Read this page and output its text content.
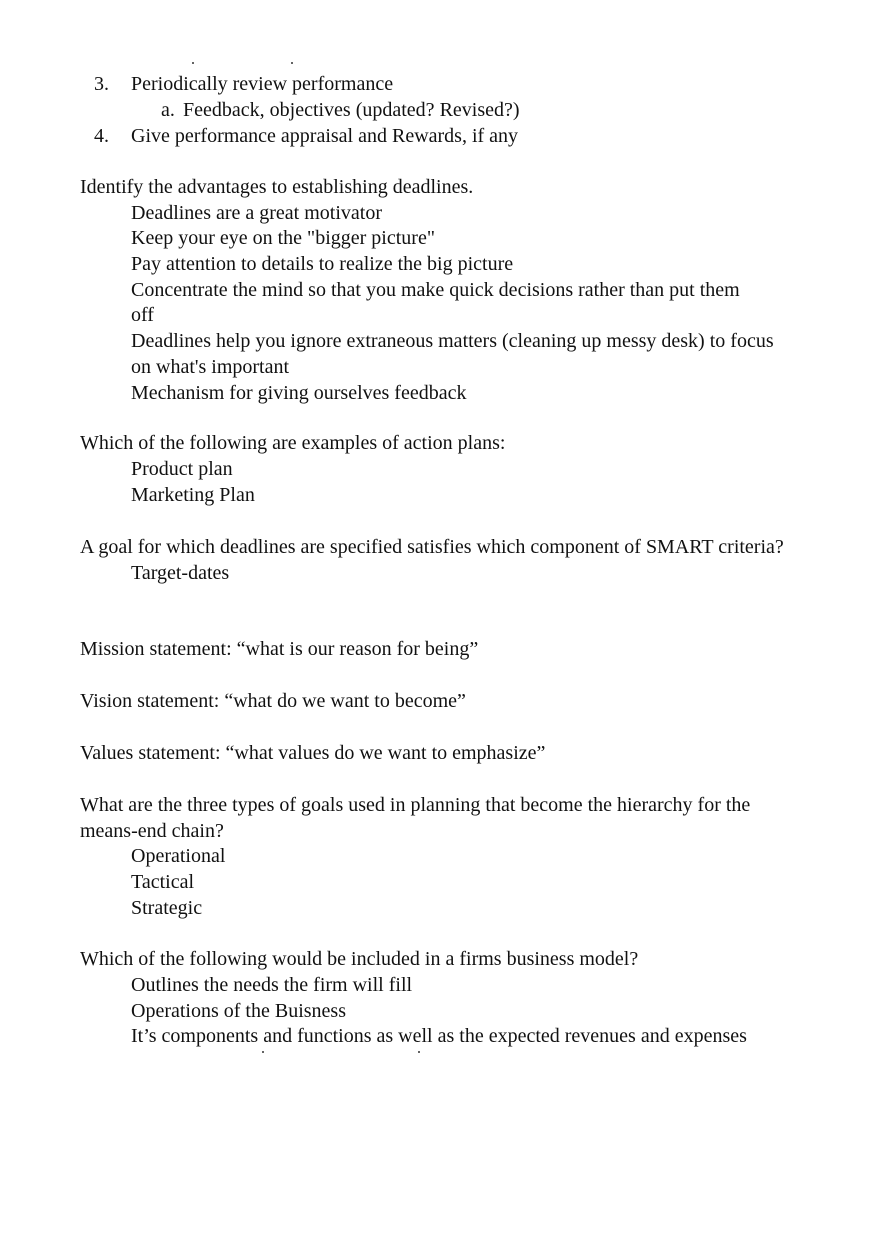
3. Periodically review performance
a. Feedback, objectives (updated? Revised?)
4. Give performance appraisal and Rewards, if any
Identify the advantages to establishing deadlines.
Deadlines are a great motivator
Keep your eye on the "bigger picture"
Pay attention to details to realize the big picture
Concentrate the mind so that you make quick decisions rather than put them
off
Deadlines help you ignore extraneous matters (cleaning up messy desk) to focus
on what's important
Mechanism for giving ourselves feedback
Which of the following are examples of action plans:
Product plan
Marketing Plan
A goal for which deadlines are specified satisfies which component of SMART criteria?
Target-dates
Mission statement: “what is our reason for being”
Vision statement: “what do we want to become”
Values statement: “what values do we want to emphasize”
What are the three types of goals used in planning that become the hierarchy for the
means-end chain?
Operational
Tactical
Strategic
Which of the following would be included in a firms business model?
Outlines the needs the firm will fill
Operations of the Buisness
It’s components and functions as well as the expected revenues and expenses
